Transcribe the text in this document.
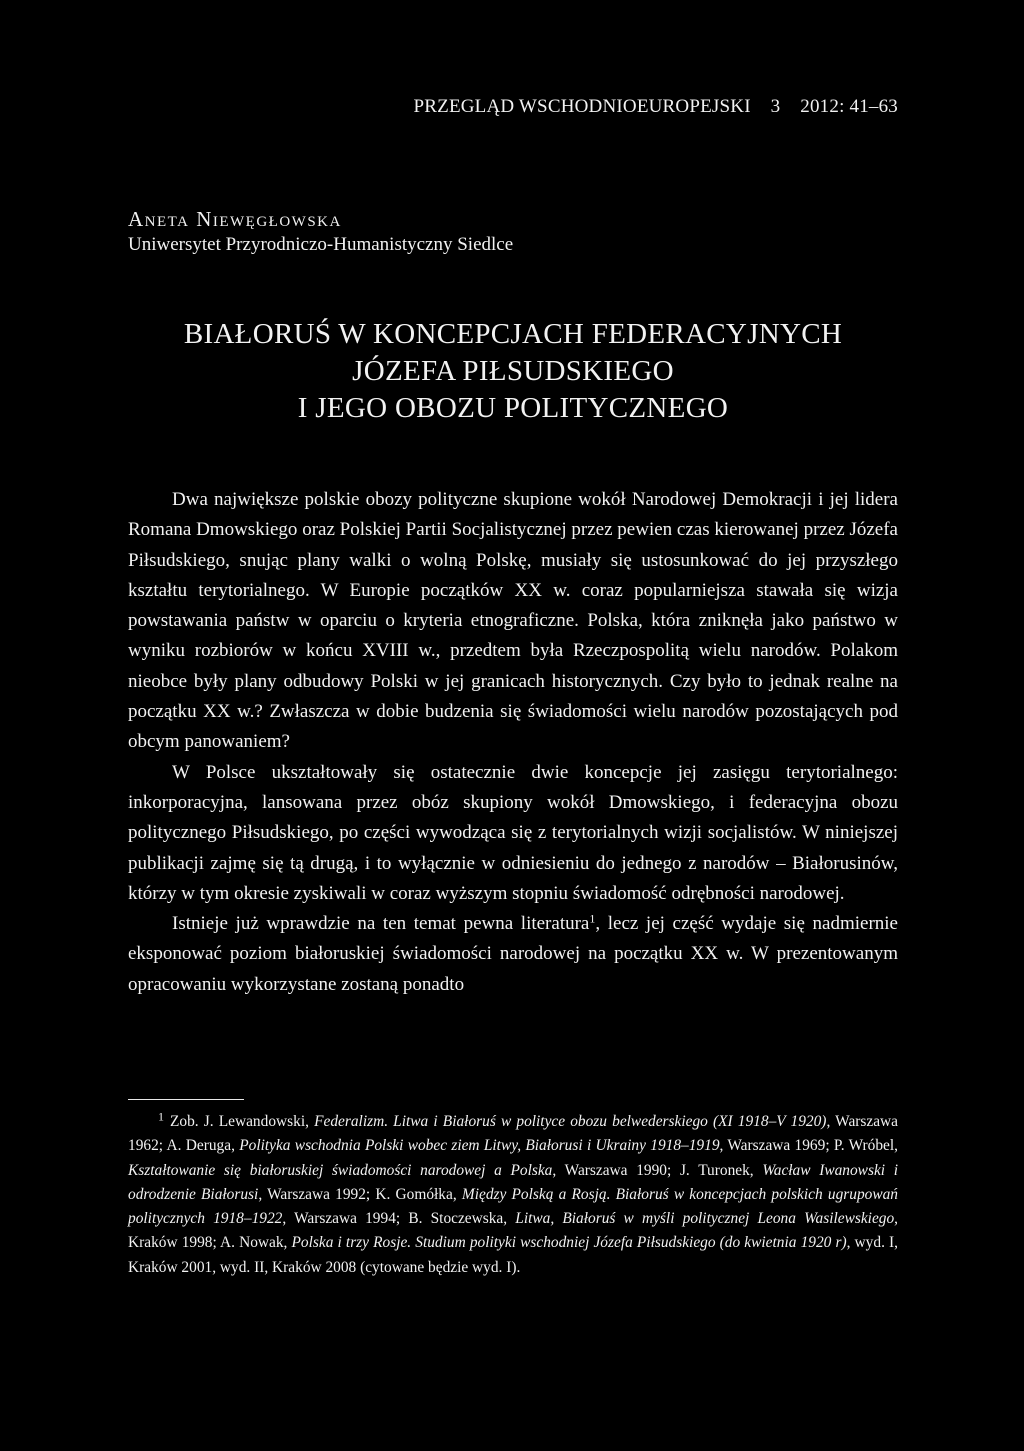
PRZEGLĄD WSCHODNIOEUROPEJSKI 3 2012: 41–63
Aneta Niewęgłowska
Uniwersytet Przyrodniczo-Humanistyczny Siedlce
BIAŁORUŚ W KONCEPCJACH FEDERACYJNYCH
JÓZEFA PIŁSUDSKIEGO
I JEGO OBOZU POLITYCZNEGO

Dwa największe polskie obozy polityczne skupione wokół Narodowej Demokracji i jej lidera Romana Dmowskiego oraz Polskiej Partii Socjalistycznej przez pewien czas kierowanej przez Józefa Piłsudskiego, snując plany walki o wolną Polskę, musiały się ustosunkować do jej przyszłego kształtu terytorialnego. W Europie początków XX w. coraz popularniejsza stawała się wizja powstawania państw w oparciu o kryteria etnograficzne. Polska, która zniknęła jako państwo w wyniku rozbiorów w końcu XVIII w., przedtem była Rzeczpospolitą wielu narodów. Polakom nieobce były plany odbudowy Polski w jej granicach historycznych. Czy było to jednak realne na początku XX w.? Zwłaszcza w dobie budzenia się świadomości wielu narodów pozostających pod obcym panowaniem?

W Polsce ukształtowały się ostatecznie dwie koncepcje jej zasięgu terytorialnego: inkorporacyjna, lansowana przez obóz skupiony wokół Dmowskiego, i federacyjna obozu politycznego Piłsudskiego, po części wywodząca się z terytorialnych wizji socjalistów. W niniejszej publikacji zajmę się tą drugą, i to wyłącznie w odniesieniu do jednego z narodów – Białorusinów, którzy w tym okresie zyskiwali w coraz wyższym stopniu świadomość odrębności narodowej.

Istnieje już wprawdzie na ten temat pewna literatura$^1$, lecz jej część wydaje się nadmiernie eksponować poziom białoruskiej świadomości narodowej na początku XX w. W prezentowanym opracowaniu wykorzystane zostaną ponadto

$^1$ Zob. J. Lewandowski, Federalizm. Litwa i Białoruś w polityce obozu belwederskiego (XI 1918–V 1920), Warszawa 1962; A. Deruga, Polityka wschodnia Polski wobec ziem Litwy, Białorusi i Ukrainy 1918–1919, Warszawa 1969; P. Wróbel, Kształtowanie się białoruskiej świadomości narodowej a Polska, Warszawa 1990; J. Turonek, Wacław Iwanowski i odrodzenie Białorusi, Warszawa 1992; K. Gomółka, Między Polską a Rosją. Białoruś w koncepcjach polskich ugrupowań politycznych 1918–1922, Warszawa 1994; B. Stoczewska, Litwa, Białoruś w myśli politycznej Leona Wasilewskiego, Kraków 1998; A. Nowak, Polska i trzy Rosje. Studium polityki wschodniej Józefa Piłsudskiego (do kwietnia 1920 r), wyd. I, Kraków 2001, wyd. II, Kraków 2008 (cytowane będzie wyd. I).
